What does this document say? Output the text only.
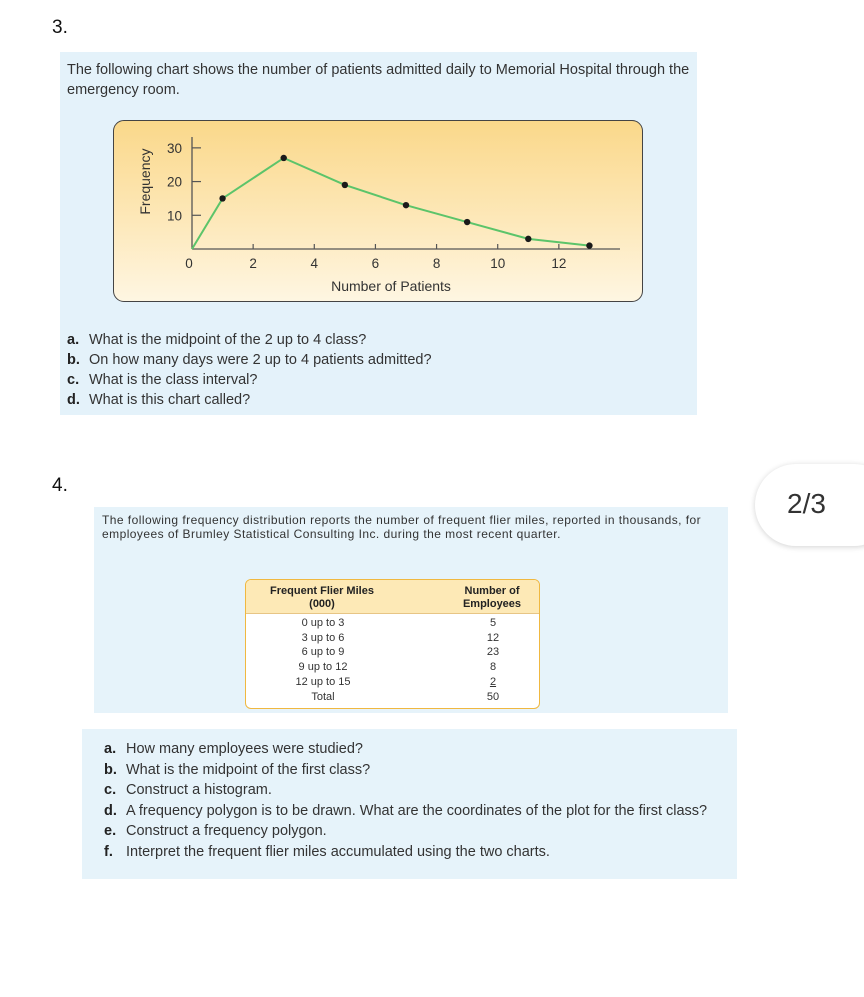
3.
The following chart shows the number of patients admitted daily to Memorial Hospital through the emergency room.
0	2	4	6	8	10	12
10
20
30
Number of Patients
Frequency
a. What is the midpoint of the 2 up to 4 class?
b. On how many days were 2 up to 4 patients admitted?
c. What is the class interval?
d. What is this chart called?
4.
The following frequency distribution reports the number of frequent flier miles, reported in thousands, for employees of Brumley Statistical Consulting Inc. during the most recent quarter.
Frequent Flier Miles
(000)
Number of
Employees
0 up to 3	5
3 up to 6	12
6 up to 9	23
9 up to 12	8
12 up to 15	2
Total	50
a. How many employees were studied?
b. What is the midpoint of the first class?
c. Construct a histogram.
d. A frequency polygon is to be drawn. What are the coordinates of the plot for the first class?
e. Construct a frequency polygon.
f. Interpret the frequent flier miles accumulated using the two charts.
2/3
